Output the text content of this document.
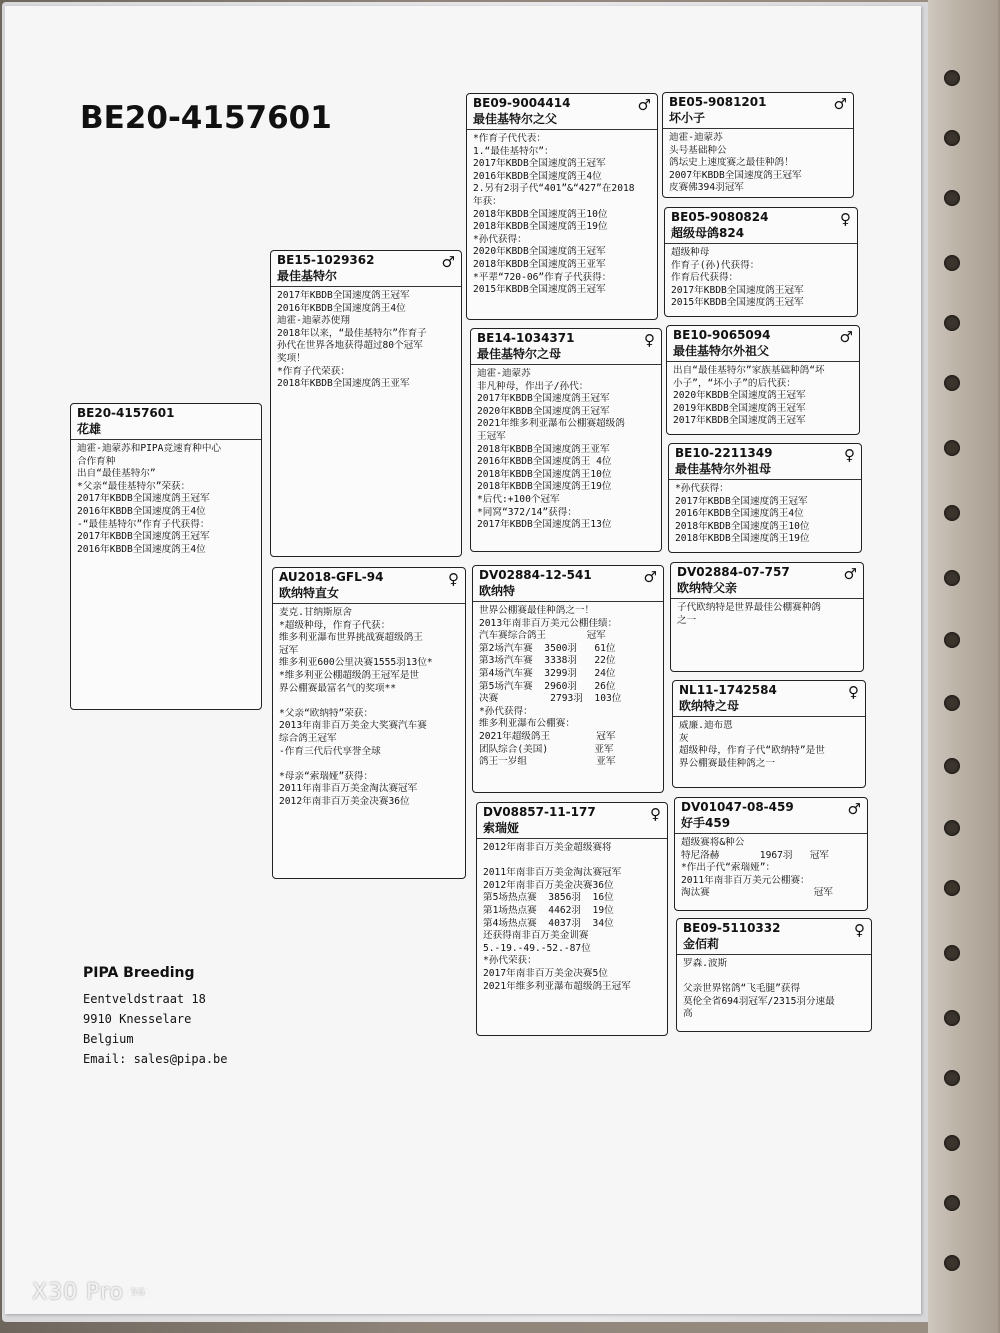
BE20-4157601
BE20-4157601
花雄
迪霍-迪蒙苏和PIPA竞速育种中心
合作育种
出自“最佳基特尔”
*父亲“最佳基特尔”荣获：
2017年KBDB全国速度鸽王冠军
2016年KBDB全国速度鸽王4位
-“最佳基特尔”作育子代获得：
2017年KBDB全国速度鸽王冠军
2016年KBDB全国速度鸽王4位
BE15-1029362	♂
最佳基特尔
2017年KBDB全国速度鸽王冠军
2016年KBDB全国速度鸽王4位
迪霍-迪蒙苏使翔
2018年以来，“最佳基特尔”作育子
孙代在世界各地获得超过80个冠军
奖项！
*作育子代荣获：
2018年KBDB全国速度鸽王亚军
AU2018-GFL-94	♀
欧纳特直女
麦克.甘纳斯原舍
*超级种母，作育子代获：
维多利亚瀑布世界挑战赛超级鸽王
冠军
维多利亚600公里决赛1555羽13位*
*维多利亚公棚超级鸽王冠军是世
界公棚赛最富名气的奖项**

*父亲“欧纳特”荣获：
2013年南非百万美金大奖赛汽车赛
综合鸽王冠军
-作育三代后代享誉全球

*母亲“索瑞娅”获得：
2011年南非百万美金淘汰赛冠军
2012年南非百万美金决赛36位
BE09-9004414	♂
最佳基特尔之父
*作育子代代表：
1.“最佳基特尔”：
2017年KBDB全国速度鸽王冠军
2016年KBDB全国速度鸽王4位
2.另有2羽子代“401”&“427”在2018
年获：
2018年KBDB全国速度鸽王10位
2018年KBDB全国速度鸽王19位
*孙代获得：
2020年KBDB全国速度鸽王冠军
2018年KBDB全国速度鸽王亚军
*平辈“720-06”作育子代获得：
2015年KBDB全国速度鸽王冠军
BE14-1034371	♀
最佳基特尔之母
迪霍-迪蒙苏
非凡种母，作出子/孙代：
2017年KBDB全国速度鸽王冠军
2020年KBDB全国速度鸽王冠军
2021年维多利亚瀑布公棚赛超级鸽
王冠军
2018年KBDB全国速度鸽王亚军
2016年KBDB全国速度鸽王 4位
2018年KBDB全国速度鸽王10位
2018年KBDB全国速度鸽王19位
*后代:+100个冠军
*同窝“372/14”获得：
2017年KBDB全国速度鸽王13位
DV02884-12-541	♂
欧纳特
世界公棚赛最佳种鸽之一！
2013年南非百万美元公棚佳绩：
汽车赛综合鸽王       冠军
第2场汽车赛  3500羽   61位
第3场汽车赛  3338羽   22位
第4场汽车赛  3299羽   24位
第5场汽车赛  2960羽   26位
决赛         2793羽  103位
*孙代获得：
维多利亚瀑布公棚赛：
2021年超级鸽王        冠军
团队综合(美国)        亚军
鸽王一岁组            亚军
DV08857-11-177	♀
索瑞娅
2012年南非百万美金超级赛将

2011年南非百万美金淘汰赛冠军
2012年南非百万美金决赛36位
第5场热点赛  3856羽  16位
第1场热点赛  4462羽  19位
第4场热点赛  4037羽  34位
还获得南非百万美金训赛
5.-19.-49.-52.-87位
*孙代荣获：
2017年南非百万美金决赛5位
2021年维多利亚瀑布超级鸽王冠军
BE05-9081201	♂
坏小子
迪霍-迪蒙苏
头号基础种公
鸽坛史上速度赛之最佳种鸽！
2007年KBDB全国速度鸽王冠军
皮赛佛394羽冠军
BE05-9080824	♀
超级母鸽824
超级种母
作育子(孙)代获得：
作育后代获得：
2017年KBDB全国速度鸽王冠军
2015年KBDB全国速度鸽王冠军
BE10-9065094	♂
最佳基特尔外祖父
出自“最佳基特尔”家族基础种鸽“坏
小子”，“坏小子”的后代获：
2020年KBDB全国速度鸽王冠军
2019年KBDB全国速度鸽王冠军
2017年KBDB全国速度鸽王冠军
BE10-2211349	♀
最佳基特尔外祖母
*孙代获得：
2017年KBDB全国速度鸽王冠军
2016年KBDB全国速度鸽王4位
2018年KBDB全国速度鸽王10位
2018年KBDB全国速度鸽王19位
DV02884-07-757	♂
欧纳特父亲
子代欧纳特是世界最佳公棚赛种鸽
之一
NL11-1742584	♀
欧纳特之母
威廉.迪布恩
灰
超级种母，作育子代“欧纳特”是世
界公棚赛最佳种鸽之一
DV01047-08-459	♂
好手459
超级赛将&种公
特尼洛赫       1967羽   冠军
*作出子代“索瑞娅”：
2011年南非百万美元公棚赛：
淘汰赛                  冠军
BE09-5110332	♀
金佰莉
罗森.波斯

父亲世界铭鸽“飞毛腿”获得
莫伦全省694羽冠军/2315羽分速最
高
PIPA Breeding
Eentveldstraat 18
9910 Knesselare
Belgium
Email: sales@pipa.be
X30 Pro 5G
